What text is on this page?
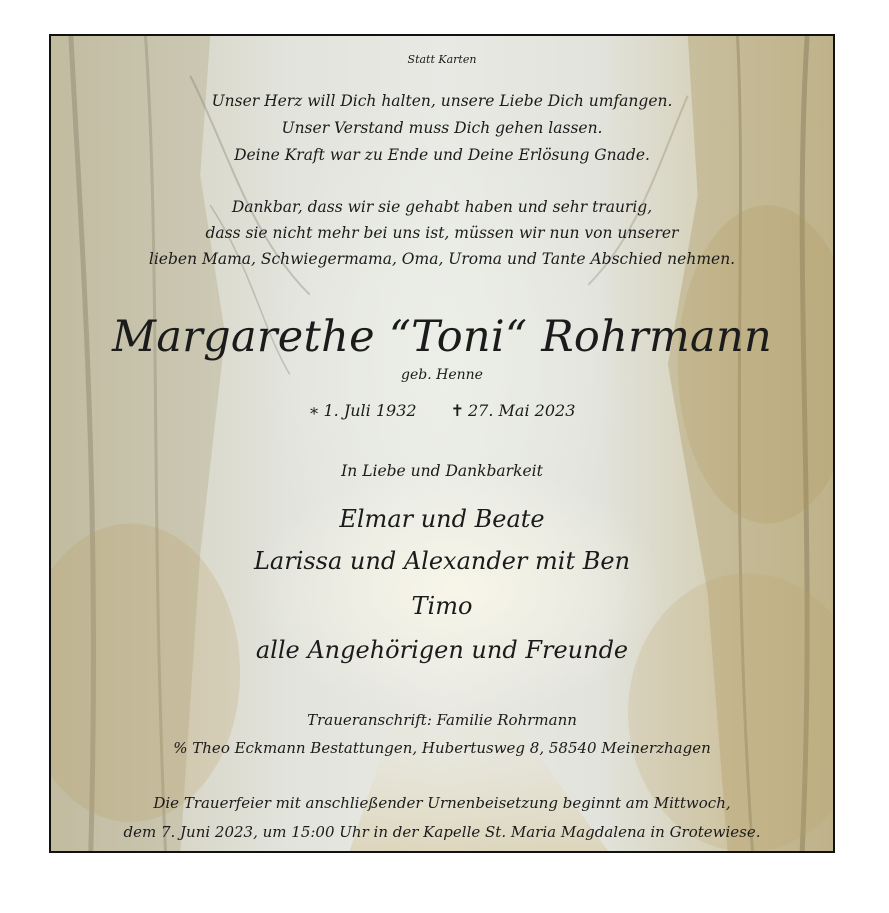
Statt Karten
Unser Herz will Dich halten, unsere Liebe Dich umfangen.
Unser Verstand muss Dich gehen lassen.
Deine Kraft war zu Ende und Deine Erlösung Gnade.
Dankbar, dass wir sie gehabt haben und sehr traurig,
dass sie nicht mehr bei uns ist, müssen wir nun von unserer
lieben Mama, Schwiegermama, Oma, Uroma und Tante Abschied nehmen.
Margarethe “Toni“ Rohrmann
geb. Henne
∗ 1. Juli 1932 ✝ 27. Mai 2023
In Liebe und Dankbarkeit
Elmar und Beate
Larissa und Alexander mit Ben
Timo
alle Angehörigen und Freunde
Traueranschrift: Familie Rohrmann
% Theo Eckmann Bestattungen, Hubertusweg 8, 58540 Meinerzhagen
Die Trauerfeier mit anschließender Urnenbeisetzung beginnt am Mittwoch,
dem 7. Juni 2023, um 15:00 Uhr in der Kapelle St. Maria Magdalena in Grotewiese.
